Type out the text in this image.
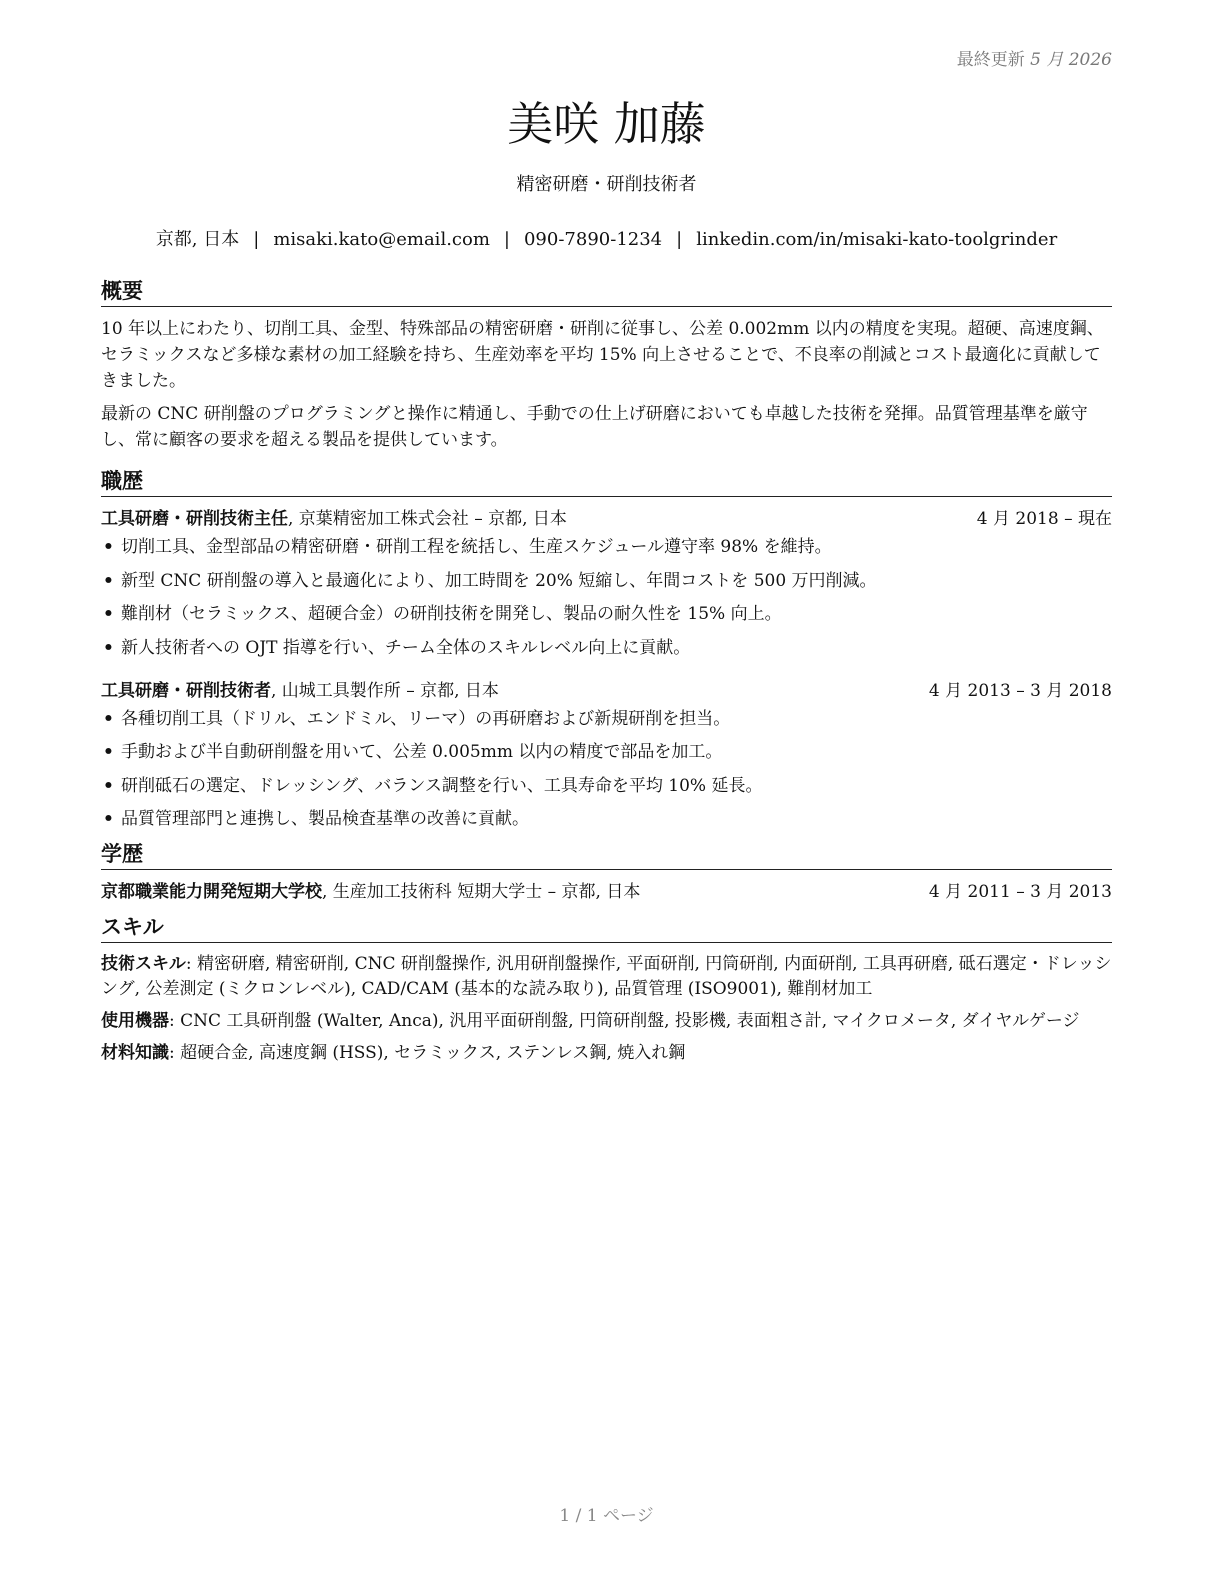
最終更新 5 月 2026
美咲 加藤
精密研磨・研削技術者
京都, 日本 | misaki.kato@email.com | 090-7890-1234 | linkedin.com/in/misaki-kato-toolgrinder
概要

10 年以上にわたり、切削工具、金型、特殊部品の精密研磨・研削に従事し、公差 0.002mm 以内の精度を実現。超硬、高速度鋼、セラミックスなど多様な素材の加工経験を持ち、生産効率を平均 15% 向上させることで、不良率の削減とコスト最適化に貢献してきました。

最新の CNC 研削盤のプログラミングと操作に精通し、手動での仕上げ研磨においても卓越した技術を発揮。品質管理基準を厳守し、常に顧客の要求を超える製品を提供しています。

職歴
工具研磨・研削技術主任, 京葉精密加工株式会社 – 京都, 日本	4 月 2018 – 現在
• 切削工具、金型部品の精密研磨・研削工程を統括し、生産スケジュール遵守率 98% を維持。
• 新型 CNC 研削盤の導入と最適化により、加工時間を 20% 短縮し、年間コストを 500 万円削減。
• 難削材（セラミックス、超硬合金）の研削技術を開発し、製品の耐久性を 15% 向上。
• 新人技術者への OJT 指導を行い、チーム全体のスキルレベル向上に貢献。
工具研磨・研削技術者, 山城工具製作所 – 京都, 日本	4 月 2013 – 3 月 2018
• 各種切削工具（ドリル、エンドミル、リーマ）の再研磨および新規研削を担当。
• 手動および半自動研削盤を用いて、公差 0.005mm 以内の精度で部品を加工。
• 研削砥石の選定、ドレッシング、バランス調整を行い、工具寿命を平均 10% 延長。
• 品質管理部門と連携し、製品検査基準の改善に貢献。
学歴
京都職業能力開発短期大学校, 生産加工技術科 短期大学士 – 京都, 日本	4 月 2011 – 3 月 2013
スキル

技術スキル: 精密研磨, 精密研削, CNC 研削盤操作, 汎用研削盤操作, 平面研削, 円筒研削, 内面研削, 工具再研磨, 砥石選定・ドレッシング, 公差測定 (ミクロンレベル), CAD/CAM (基本的な読み取り), 品質管理 (ISO9001), 難削材加工

使用機器: CNC 工具研削盤 (Walter, Anca), 汎用平面研削盤, 円筒研削盤, 投影機, 表面粗さ計, マイクロメータ, ダイヤルゲージ

材料知識: 超硬合金, 高速度鋼 (HSS), セラミックス, ステンレス鋼, 焼入れ鋼

1 / 1 ページ
